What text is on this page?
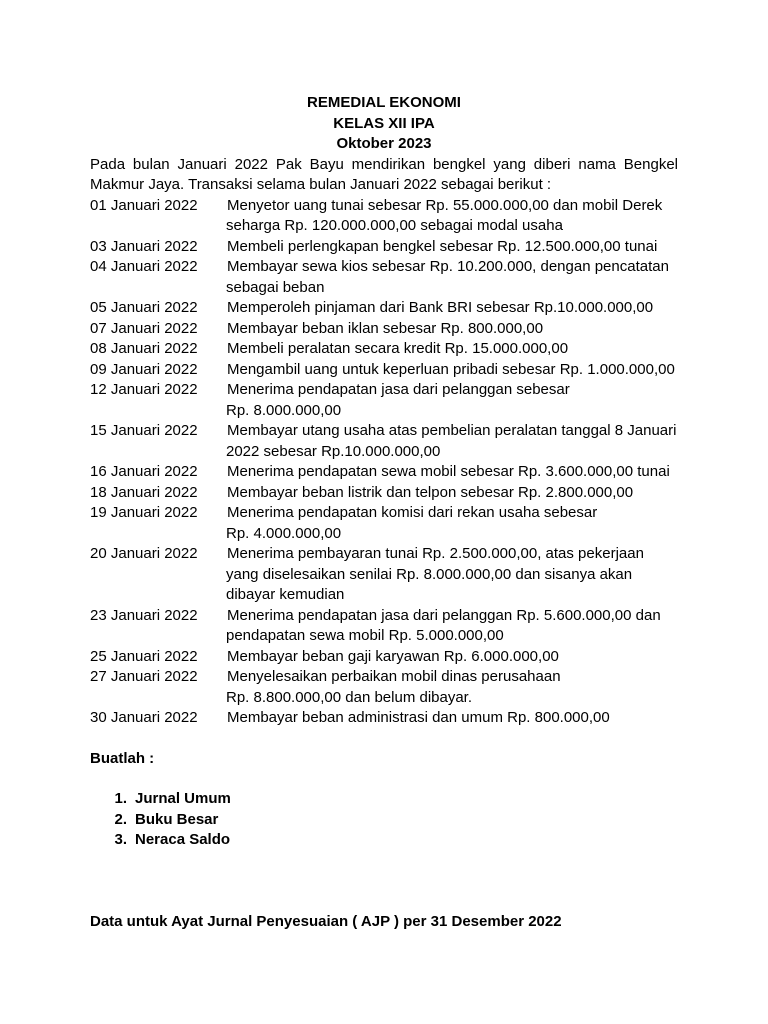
REMEDIAL EKONOMI

KELAS XII IPA

Oktober 2023

Pada bulan Januari 2022 Pak Bayu mendirikan bengkel yang diberi nama Bengkel
Makmur Jaya. Transaksi selama bulan Januari 2022 sebagai berikut :

01 Januari 2022	Menyetor uang tunai sebesar Rp. 55.000.000,00 dan mobil Derek
seharga Rp. 120.000.000,00 sebagai modal usaha
03 Januari 2022	Membeli perlengkapan bengkel sebesar Rp. 12.500.000,00 tunai
04 Januari 2022	Membayar sewa kios sebesar Rp. 10.200.000, dengan pencatatan
sebagai beban
05 Januari 2022	Memperoleh pinjaman dari Bank BRI sebesar Rp.10.000.000,00
07 Januari 2022	Membayar beban iklan sebesar Rp. 800.000,00
08 Januari 2022	Membeli peralatan secara kredit Rp. 15.000.000,00
09 Januari 2022	Mengambil uang untuk keperluan pribadi sebesar Rp. 1.000.000,00
12 Januari 2022	Menerima pendapatan jasa dari pelanggan sebesar
Rp. 8.000.000,00
15 Januari 2022	Membayar utang usaha atas pembelian peralatan tanggal 8 Januari
2022 sebesar Rp.10.000.000,00
16 Januari 2022	Menerima pendapatan sewa mobil sebesar Rp. 3.600.000,00 tunai
18 Januari 2022	Membayar beban listrik dan telpon sebesar Rp. 2.800.000,00
19 Januari 2022	Menerima pendapatan komisi dari rekan usaha sebesar
Rp. 4.000.000,00
20 Januari 2022	Menerima pembayaran tunai Rp. 2.500.000,00, atas pekerjaan
yang diselesaikan senilai Rp. 8.000.000,00 dan sisanya akan
dibayar kemudian
23 Januari 2022	Menerima pendapatan jasa dari pelanggan Rp. 5.600.000,00 dan
pendapatan sewa mobil Rp. 5.000.000,00
25 Januari 2022	Membayar beban gaji karyawan Rp. 6.000.000,00
27 Januari 2022	Menyelesaikan perbaikan mobil dinas perusahaan
Rp. 8.800.000,00 dan belum dibayar.
30 Januari 2022	Membayar beban administrasi dan umum Rp. 800.000,00
Buatlah :
1. Jurnal Umum
2. Buku Besar
3. Neraca Saldo
Data untuk Ayat Jurnal Penyesuaian ( AJP ) per 31 Desember 2022
